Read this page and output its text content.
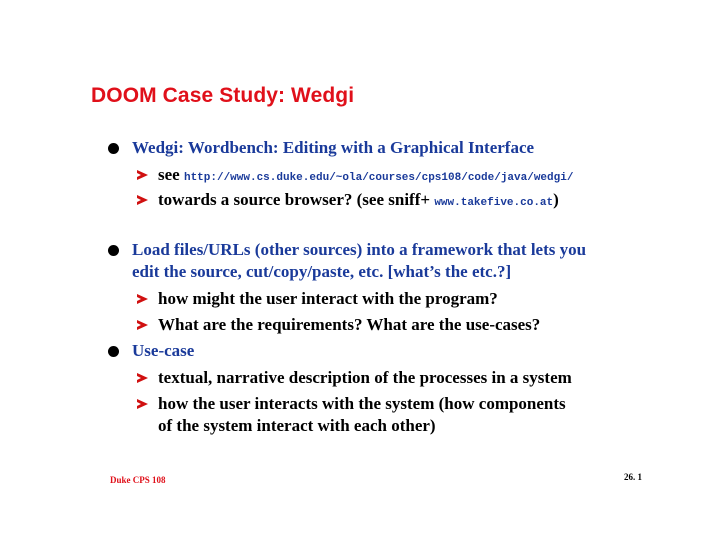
DOOM Case Study: Wedgi
Wedgi: Wordbench: Editing with a Graphical Interface
see http://www.cs.duke.edu/~ola/courses/cps108/code/java/wedgi/
towards a source browser? (see sniff+ www.takefive.co.at)
Load files/URLs (other sources) into a framework that lets you
edit the source, cut/copy/paste, etc. [what’s the etc.?]
how might the user interact with the program?
What are the requirements? What are the use-cases?
Use-case
textual, narrative description of the processes in a system
how the user interacts with the system (how components
of the system interact with each other)
Duke CPS 108	26. 1
